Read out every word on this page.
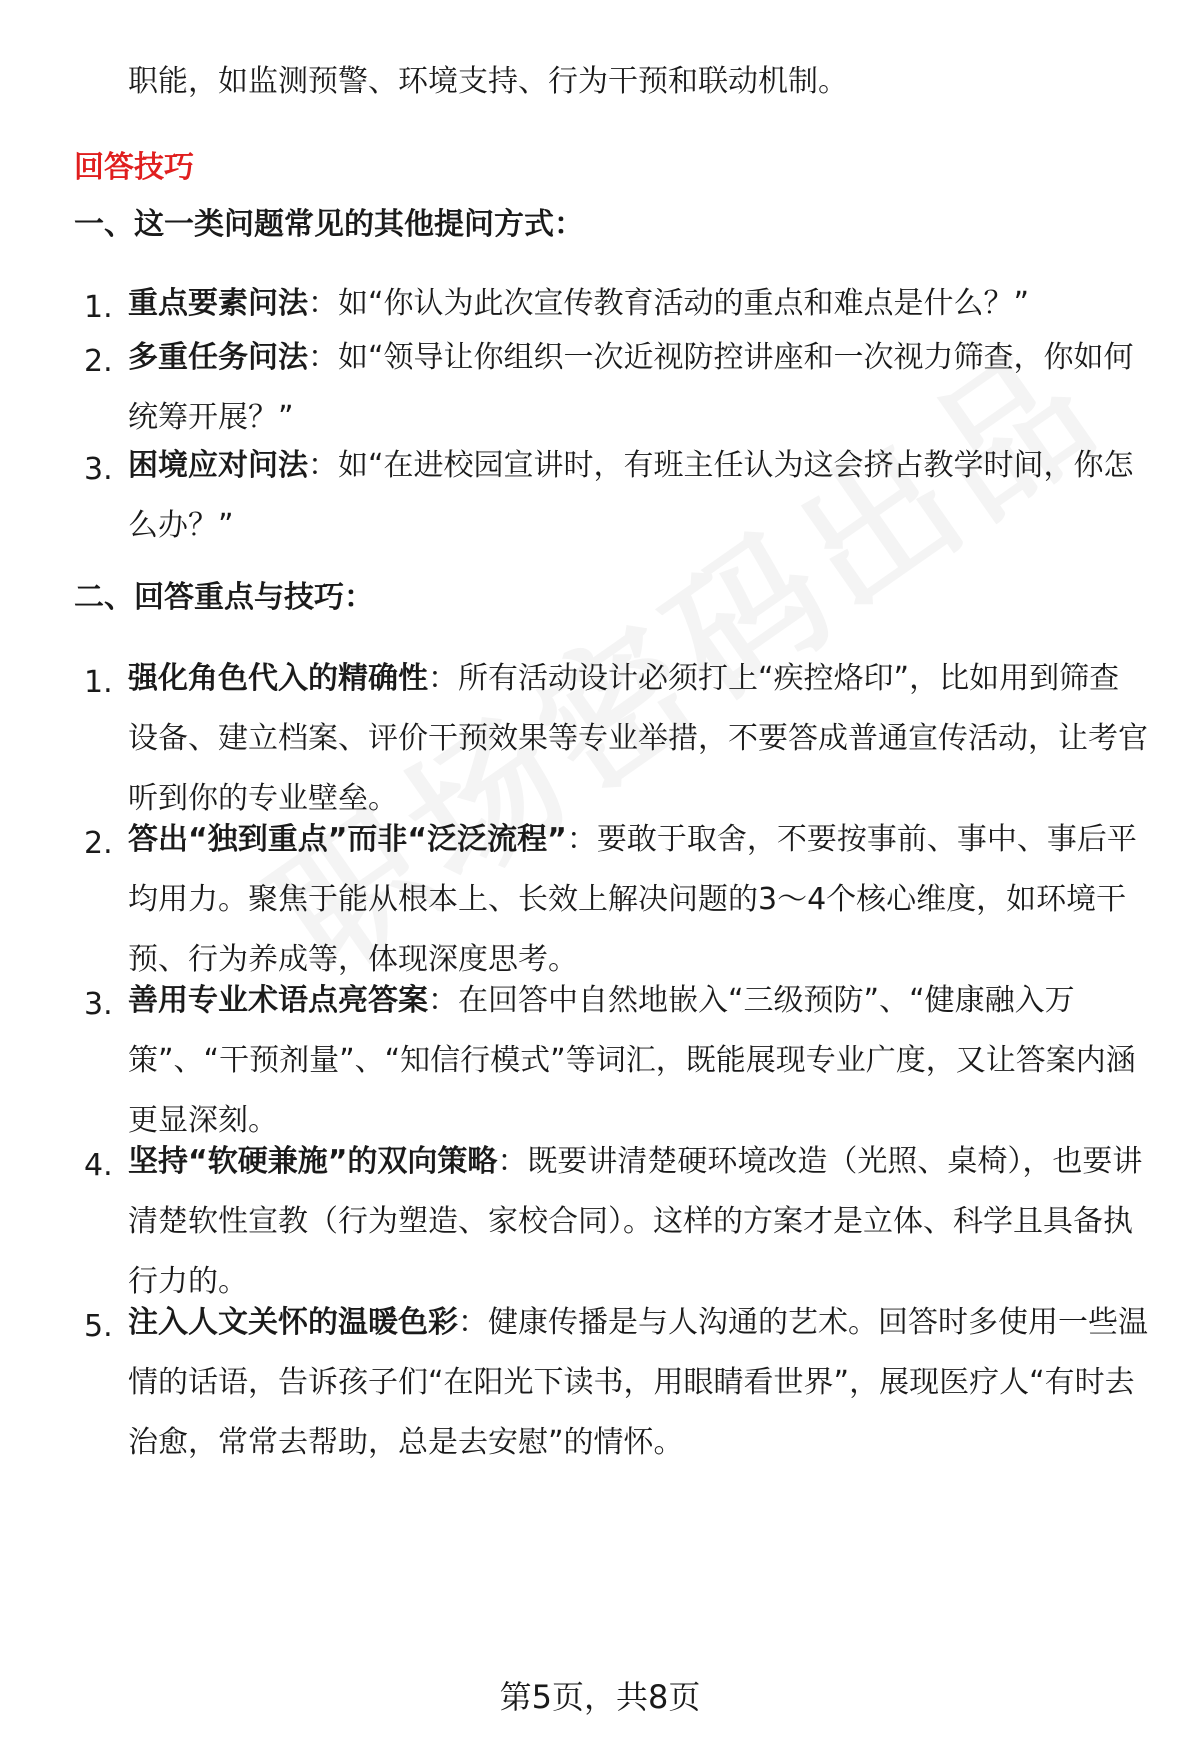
职能，如监测预警、环境支持、行为干预和联动机制。
回答技巧
一、这一类问题常见的其他提问方式：
1. 重点要素问法：如“你认为此次宣传教育活动的重点和难点是什么？”
2. 多重任务问法：如“领导让你组织一次近视防控讲座和一次视力筛查，你如何统筹开展？”
3. 困境应对问法：如“在进校园宣讲时，有班主任认为这会挤占教学时间，你怎么办？”
二、回答重点与技巧：
1. 强化角色代入的精确性：所有活动设计必须打上“疾控烙印”，比如用到筛查设备、建立档案、评价干预效果等专业举措，不要答成普通宣传活动，让考官听到你的专业壁垒。
2. 答出“独到重点”而非“泛泛流程”：要敢于取舍，不要按事前、事中、事后平均用力。聚焦于能从根本上、长效上解决问题的3～4个核心维度，如环境干预、行为养成等，体现深度思考。
3. 善用专业术语点亮答案：在回答中自然地嵌入“三级预防”、“健康融入万策”、“干预剂量”、“知信行模式”等词汇，既能展现专业广度，又让答案内涵更显深刻。
4. 坚持“软硬兼施”的双向策略：既要讲清楚硬环境改造（光照、桌椅），也要讲清楚软性宣教（行为塑造、家校合同）。这样的方案才是立体、科学且具备执行力的。
5. 注入人文关怀的温暖色彩：健康传播是与人沟通的艺术。回答时多使用一些温情的话语，告诉孩子们“在阳光下读书，用眼睛看世界”，展现医疗人“有时去治愈，常常去帮助，总是去安慰”的情怀。
第5页，共8页
